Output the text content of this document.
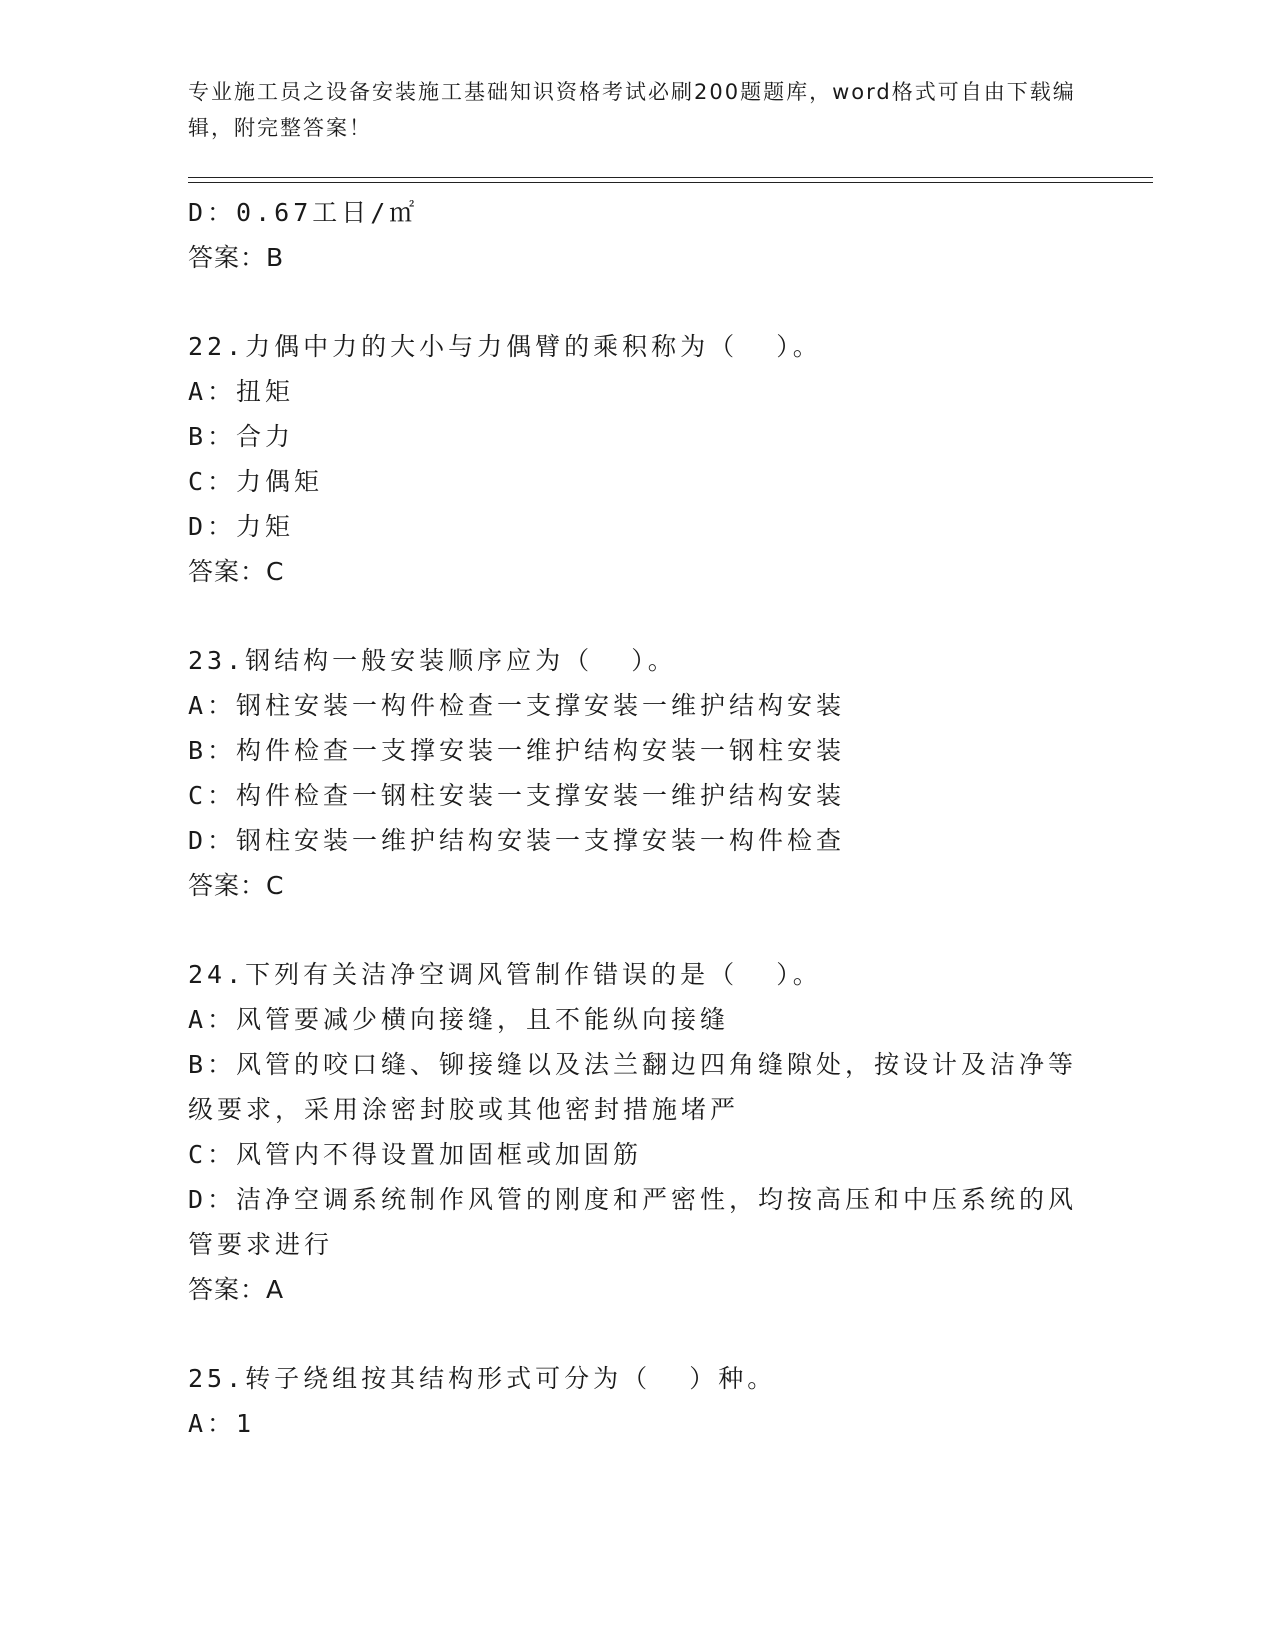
专业施工员之设备安装施工基础知识资格考试必刷200题题库，word格式可自由下载编辑，附完整答案！
D：0.67工日/㎡
答案：B
22.力偶中力的大小与力偶臂的乘积称为（  ）。
A：扭矩
B：合力
C：力偶矩
D：力矩
答案：C
23.钢结构一般安装顺序应为（  ）。
A：钢柱安装一构件检查一支撑安装一维护结构安装
B：构件检查一支撑安装一维护结构安装一钢柱安装
C：构件检查一钢柱安装一支撑安装一维护结构安装
D：钢柱安装一维护结构安装一支撑安装一构件检查
答案：C
24.下列有关洁净空调风管制作错误的是（  ）。
A：风管要减少横向接缝，且不能纵向接缝
B：风管的咬口缝、铆接缝以及法兰翻边四角缝隙处，按设计及洁净等级要求，采用涂密封胶或其他密封措施堵严
C：风管内不得设置加固框或加固筋
D：洁净空调系统制作风管的刚度和严密性，均按高压和中压系统的风管要求进行
答案：A
25.转子绕组按其结构形式可分为（  ）种。
A：1
